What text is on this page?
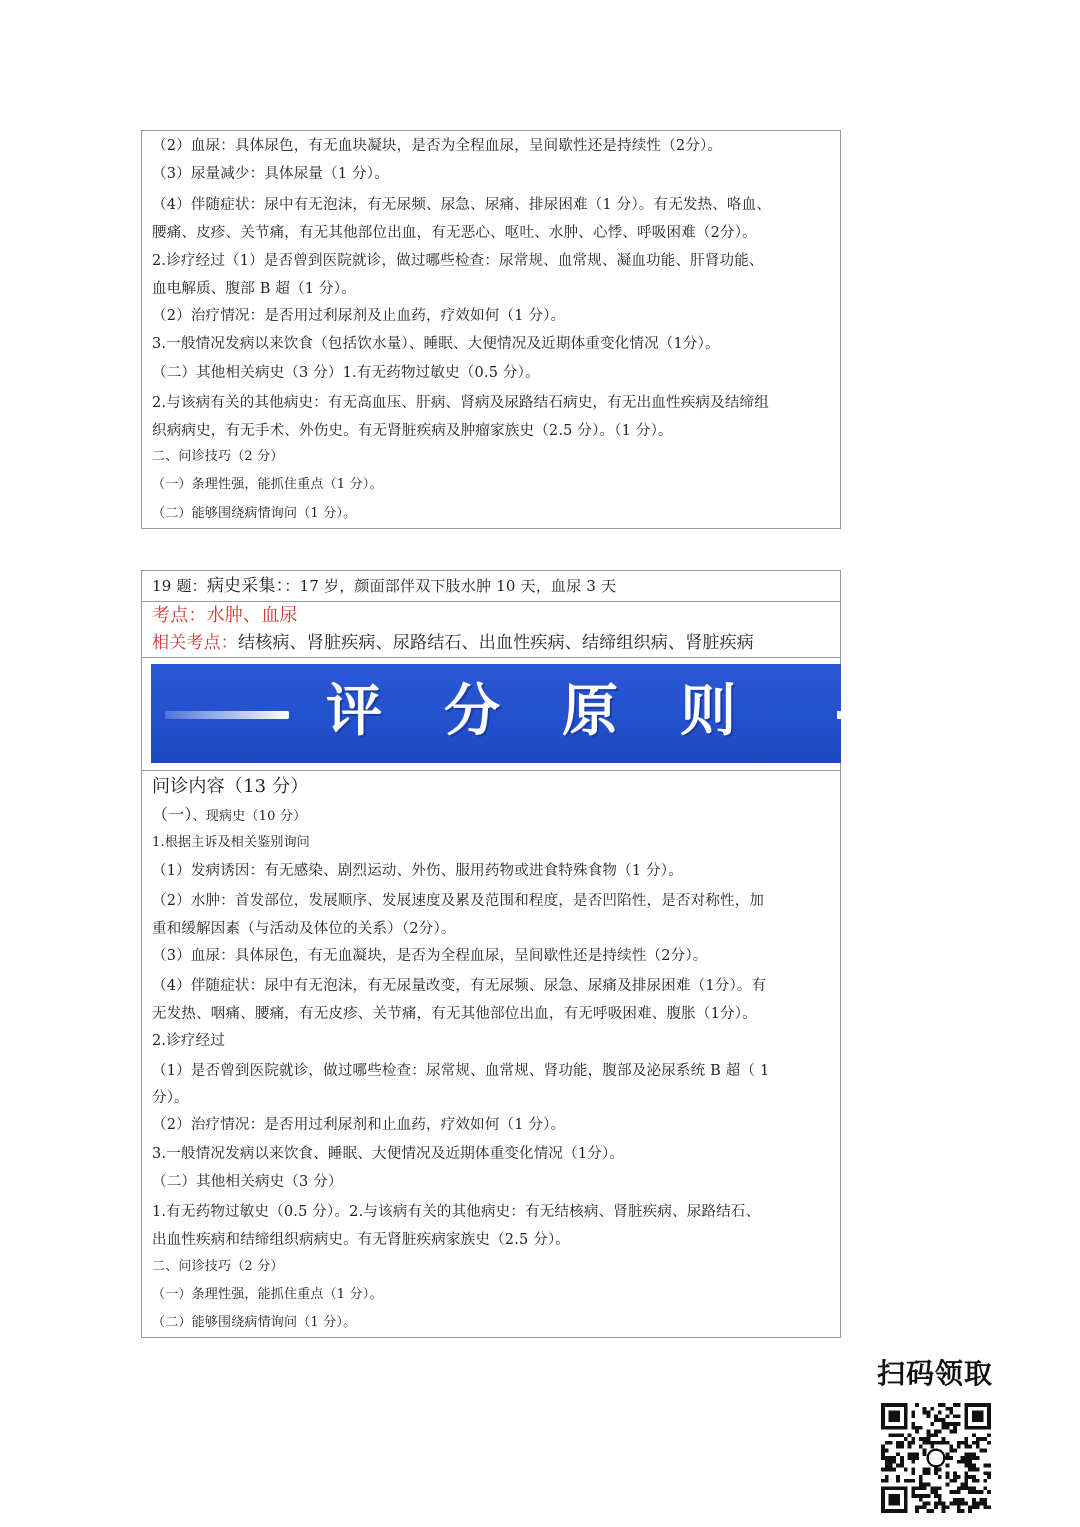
（2）血尿：具体尿色，有无血块凝块，是否为全程血尿，呈间歇性还是持续性（2分）。
（3）尿量减少：具体尿量（1 分）。
（4）伴随症状：尿中有无泡沫，有无尿频、尿急、尿痛、排尿困难（1 分）。有无发热、咯血、
腰痛、皮疹、关节痛，有无其他部位出血，有无恶心、呕吐、水肿、心悸、呼吸困难（2分）。
2.诊疗经过（1）是否曾到医院就诊，做过哪些检查：尿常规、血常规、凝血功能、肝肾功能、
血电解质、腹部 B 超（1 分）。
（2）治疗情况：是否用过利尿剂及止血药，疗效如何（1 分）。
3.一般情况发病以来饮食（包括饮水量）、睡眠、大便情况及近期体重变化情况（1分）。
（二）其他相关病史（3 分）1.有无药物过敏史（0.5 分）。
2.与该病有关的其他病史：有无高血压、肝病、肾病及尿路结石病史，有无出血性疾病及结缔组
织病病史，有无手术、外伤史。有无肾脏疾病及肿瘤家族史（2.5 分）。（1 分）。
二、问诊技巧（2 分）
（一）条理性强，能抓住重点（1 分）。
（二）能够围绕病情询问（1 分）。
19 题：病史采集：：17 岁，颜面部伴双下肢水肿 10 天，血尿 3 天
考点：水肿、血尿
相关考点：结核病、肾脏疾病、尿路结石、出血性疾病、结缔组织病、肾脏疾病
评分原则
问诊内容（13 分）
（一）、现病史（10 分）
1.根据主诉及相关鉴别询问
（1）发病诱因：有无感染、剧烈运动、外伤、服用药物或进食特殊食物（1 分）。
（2）水肿：首发部位，发展顺序、发展速度及累及范围和程度，是否凹陷性，是否对称性，加
重和缓解因素（与活动及体位的关系）（2分）。
（3）血尿：具体尿色，有无血凝块，是否为全程血尿，呈间歇性还是持续性（2分）。
（4）伴随症状：尿中有无泡沫，有无尿量改变，有无尿频、尿急、尿痛及排尿困难（1分）。有
无发热、咽痛、腰痛，有无皮疹、关节痛，有无其他部位出血，有无呼吸困难、腹胀（1分）。
2.诊疗经过
（1）是否曾到医院就诊，做过哪些检查：尿常规、血常规、肾功能，腹部及泌尿系统 B 超（ 1
分）。
（2）治疗情况：是否用过利尿剂和止血药，疗效如何（1 分）。
3.一般情况发病以来饮食、睡眠、大便情况及近期体重变化情况（1分）。
（二）其他相关病史（3 分）
1.有无药物过敏史（0.5 分）。2.与该病有关的其他病史：有无结核病、肾脏疾病、尿路结石、
出血性疾病和结缔组织病病史。有无肾脏疾病家族史（2.5 分）。
二、问诊技巧（2 分）
（一）条理性强，能抓住重点（1 分）。
（二）能够围绕病情询问（1 分）。
扫码领取
